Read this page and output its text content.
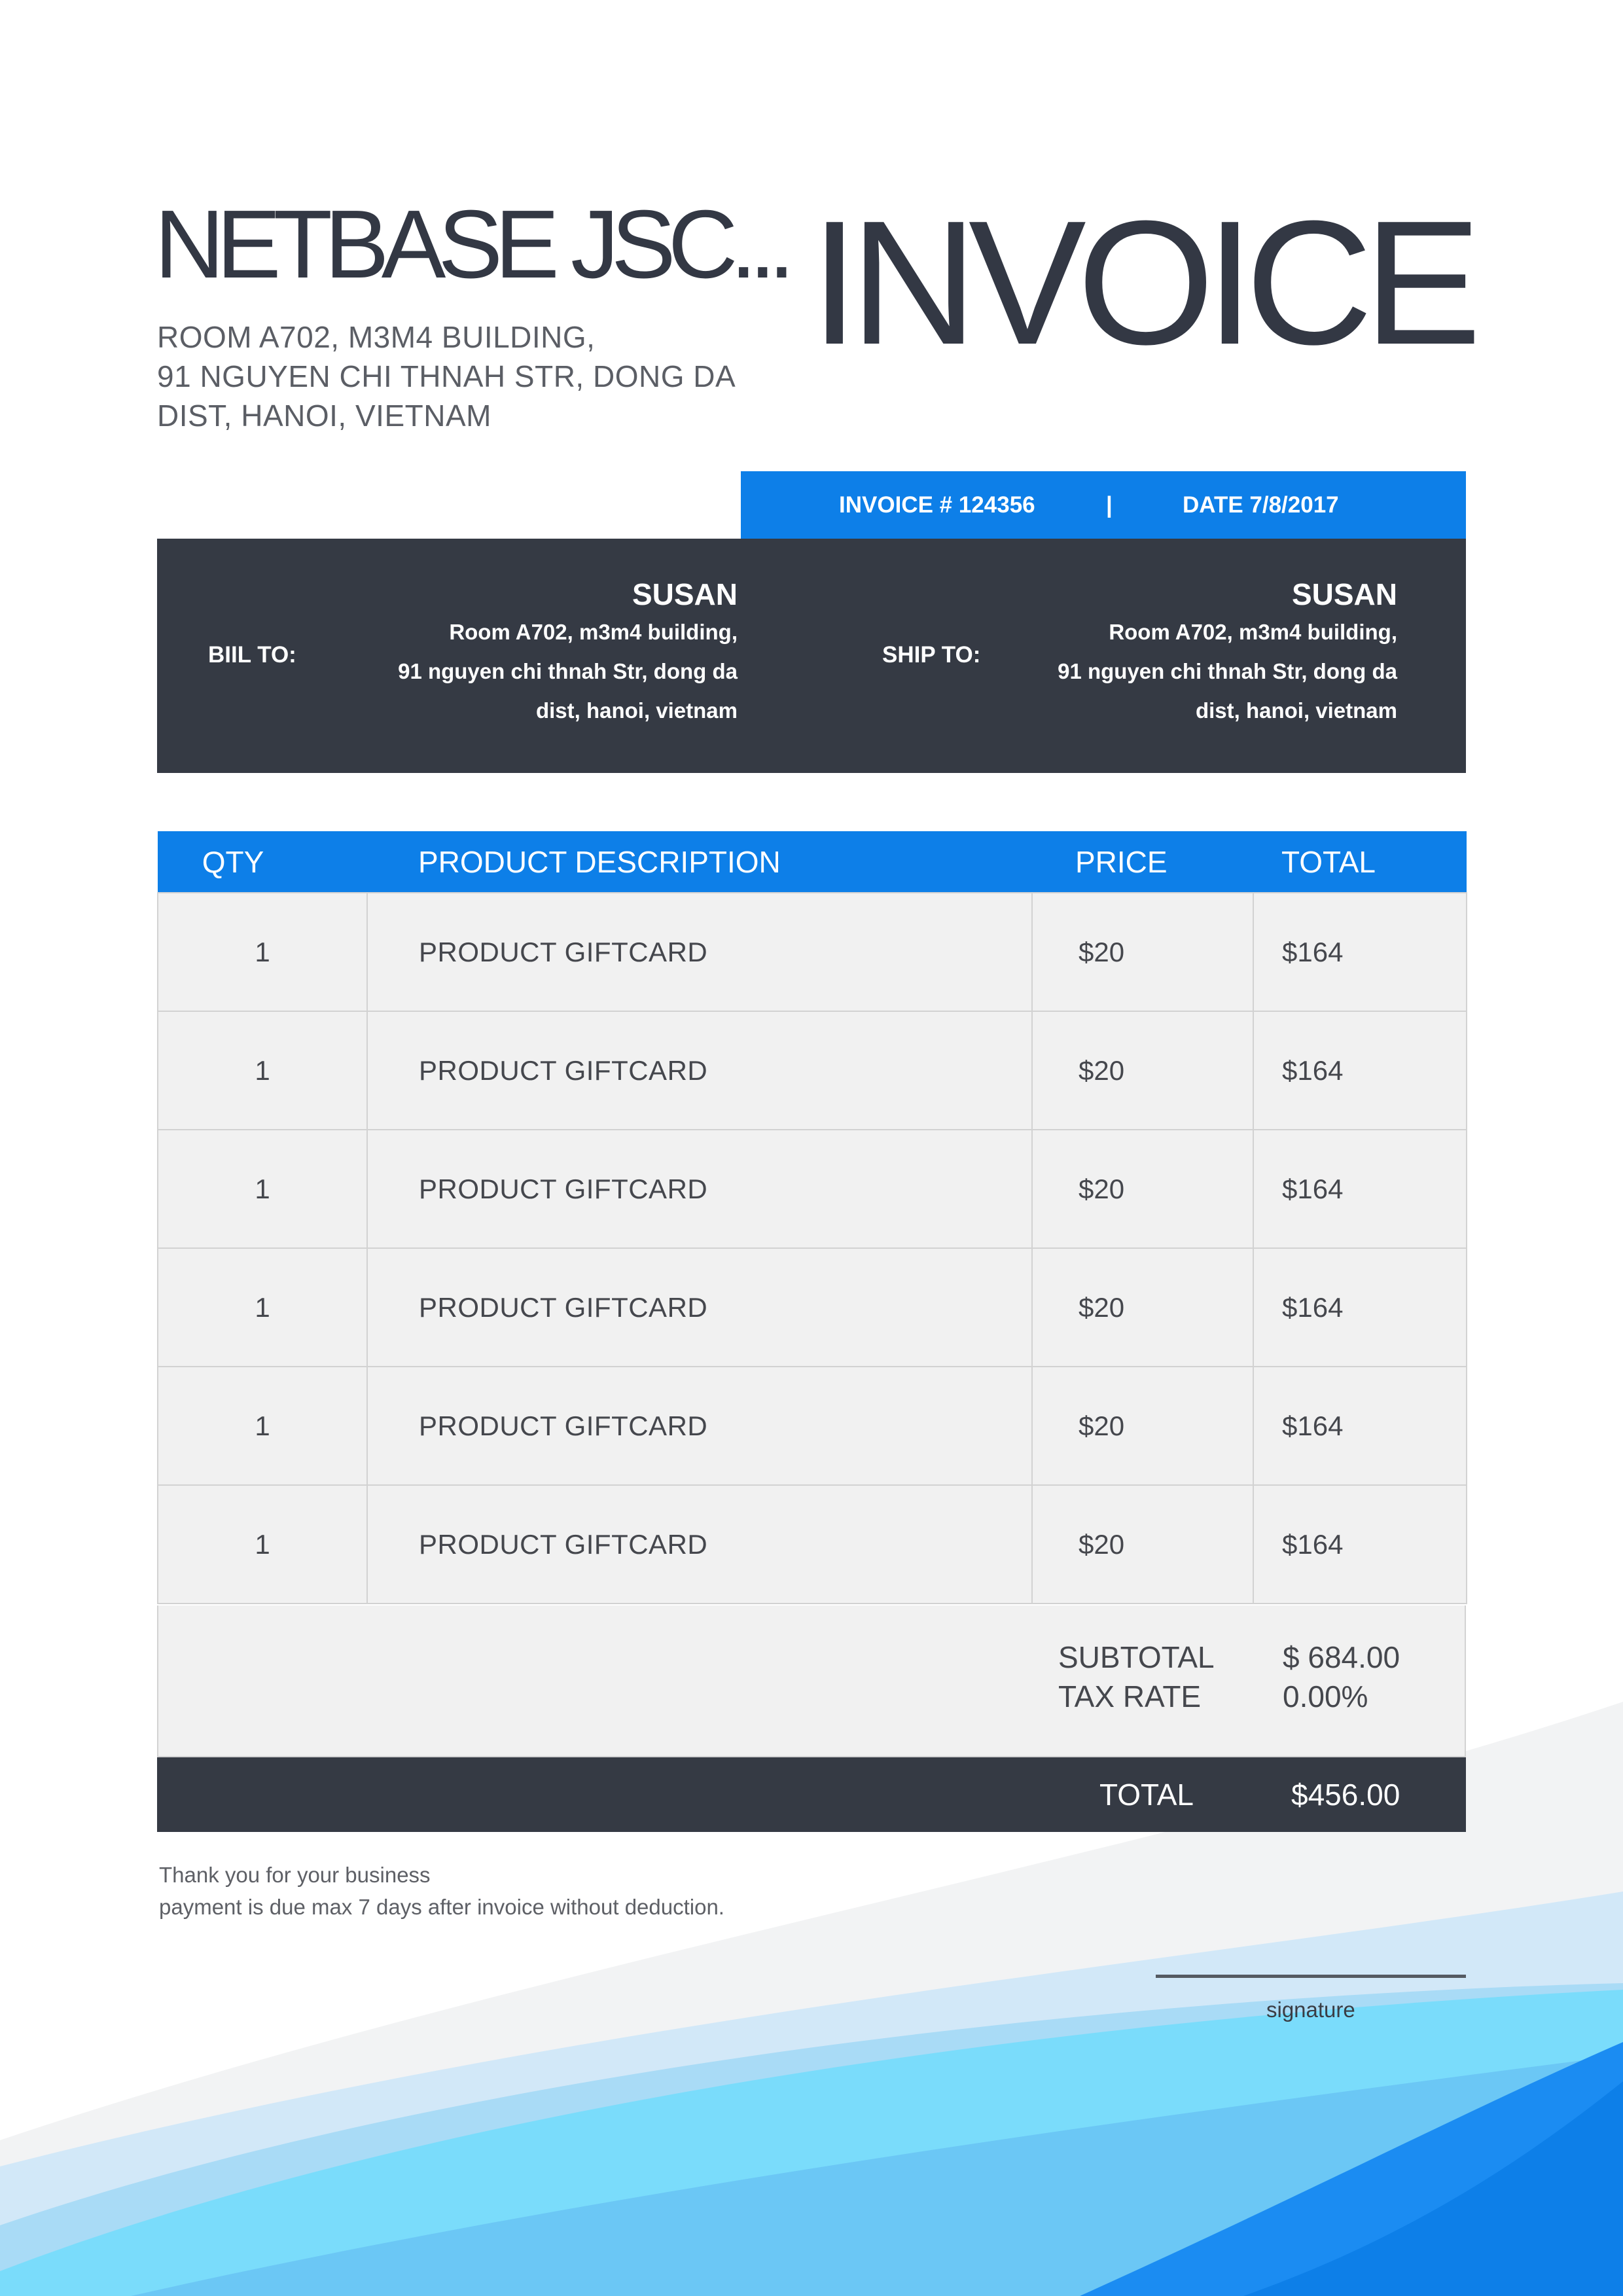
NETBASE JSC...
ROOM A702, M3M4 BUILDING,
91 NGUYEN CHI THNAH STR, DONG DA
DIST, HANOI, VIETNAM
INVOICE
INVOICE # 124356	|	DATE 7/8/2017
BIIL TO:
SUSAN
Room A702, m3m4 building,
91 nguyen chi thnah Str, dong da
dist, hanoi, vietnam
SHIP TO:
SUSAN
Room A702, m3m4 building,
91 nguyen chi thnah Str, dong da
dist, hanoi, vietnam
QTY	PRODUCT DESCRIPTION	PRICE	TOTAL
1	PRODUCT GIFTCARD	$20	$164
1	PRODUCT GIFTCARD	$20	$164
1	PRODUCT GIFTCARD	$20	$164
1	PRODUCT GIFTCARD	$20	$164
1	PRODUCT GIFTCARD	$20	$164
1	PRODUCT GIFTCARD	$20	$164
SUBTOTAL $ 684.00
TAX RATE	0.00%
TOTAL	$456.00
Thank you for your business
payment is due max 7 days after invoice without deduction.
signature
